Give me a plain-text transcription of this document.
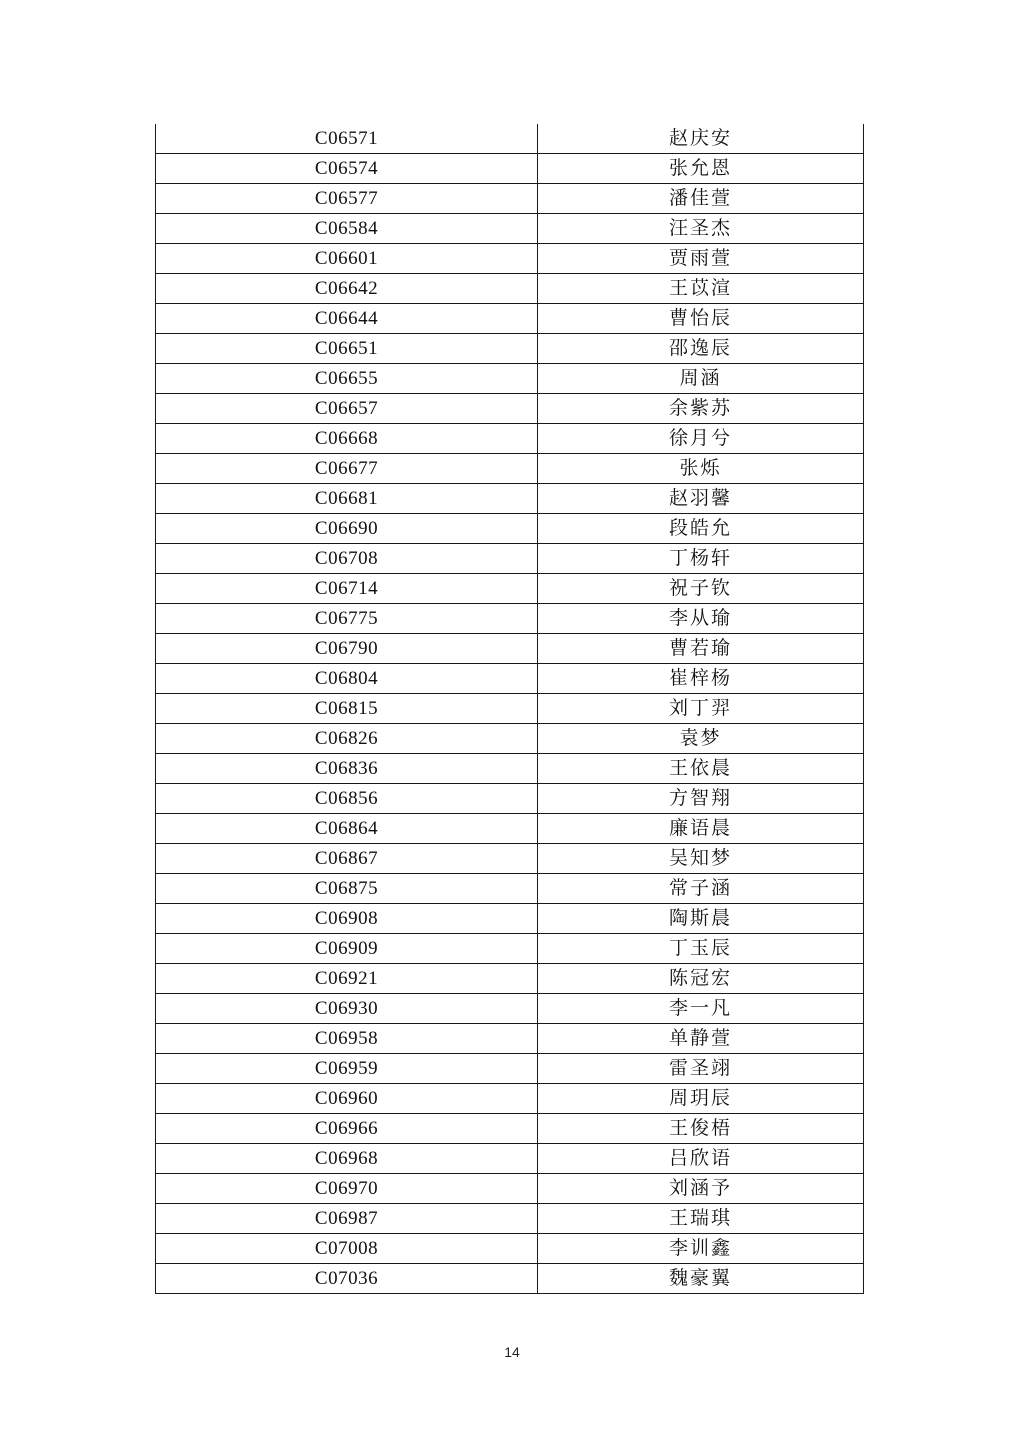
C06571	赵庆安
C06574	张允恩
C06577	潘佳萱
C06584	汪圣杰
C06601	贾雨萱
C06642	王苡渲
C06644	曹怡辰
C06651	邵逸辰
C06655	周涵
C06657	余紫苏
C06668	徐月兮
C06677	张烁
C06681	赵羽馨
C06690	段皓允
C06708	丁杨轩
C06714	祝子钦
C06775	李从瑜
C06790	曹若瑜
C06804	崔梓杨
C06815	刘丁羿
C06826	袁梦
C06836	王依晨
C06856	方智翔
C06864	廉语晨
C06867	吴知梦
C06875	常子涵
C06908	陶斯晨
C06909	丁玉辰
C06921	陈冠宏
C06930	李一凡
C06958	单静萱
C06959	雷圣翊
C06960	周玥辰
C06966	王俊梧
C06968	吕欣语
C06970	刘涵予
C06987	王瑞琪
C07008	李训鑫
C07036	魏豪翼
14
